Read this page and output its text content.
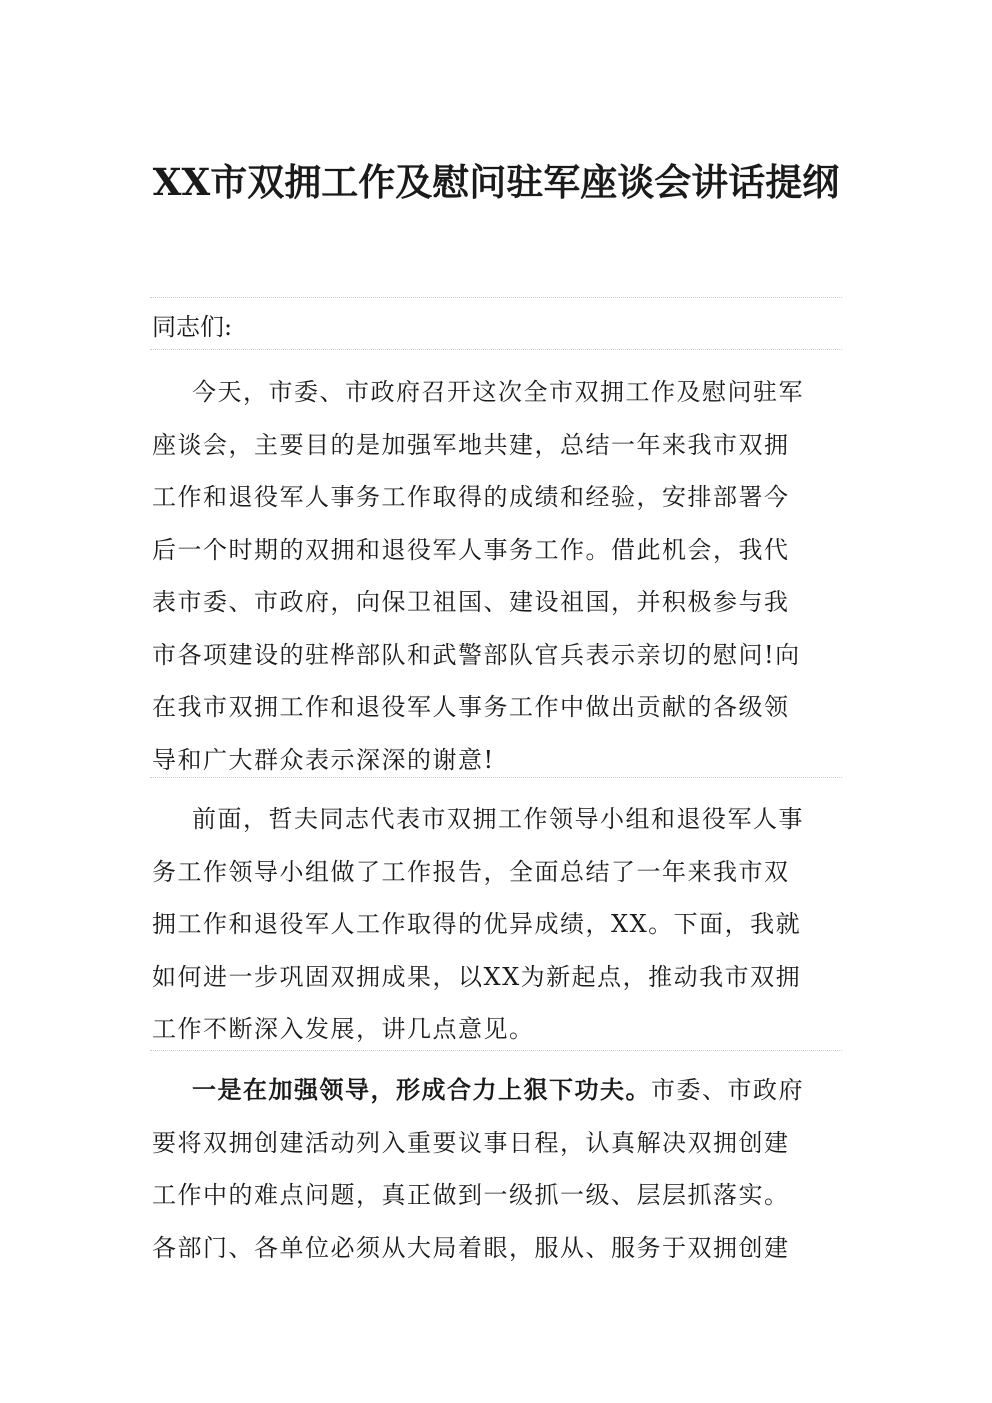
XX市双拥工作及慰问驻军座谈会讲话提纲
同志们:
今天，市委、市政府召开这次全市双拥工作及慰问驻军
座谈会，主要目的是加强军地共建，总结一年来我市双拥
工作和退役军人事务工作取得的成绩和经验，安排部署今
后一个时期的双拥和退役军人事务工作。借此机会，我代
表市委、市政府，向保卫祖国、建设祖国，并积极参与我
市各项建设的驻桦部队和武警部队官兵表示亲切的慰问!向
在我市双拥工作和退役军人事务工作中做出贡献的各级领
导和广大群众表示深深的谢意!
前面，哲夫同志代表市双拥工作领导小组和退役军人事
务工作领导小组做了工作报告，全面总结了一年来我市双
拥工作和退役军人工作取得的优异成绩，XX。下面，我就
如何进一步巩固双拥成果，以XX为新起点，推动我市双拥
工作不断深入发展，讲几点意见。
一是在加强领导，形成合力上狠下功夫。市委、市政府
要将双拥创建活动列入重要议事日程，认真解决双拥创建
工作中的难点问题，真正做到一级抓一级、层层抓落实。
各部门、各单位必须从大局着眼，服从、服务于双拥创建
